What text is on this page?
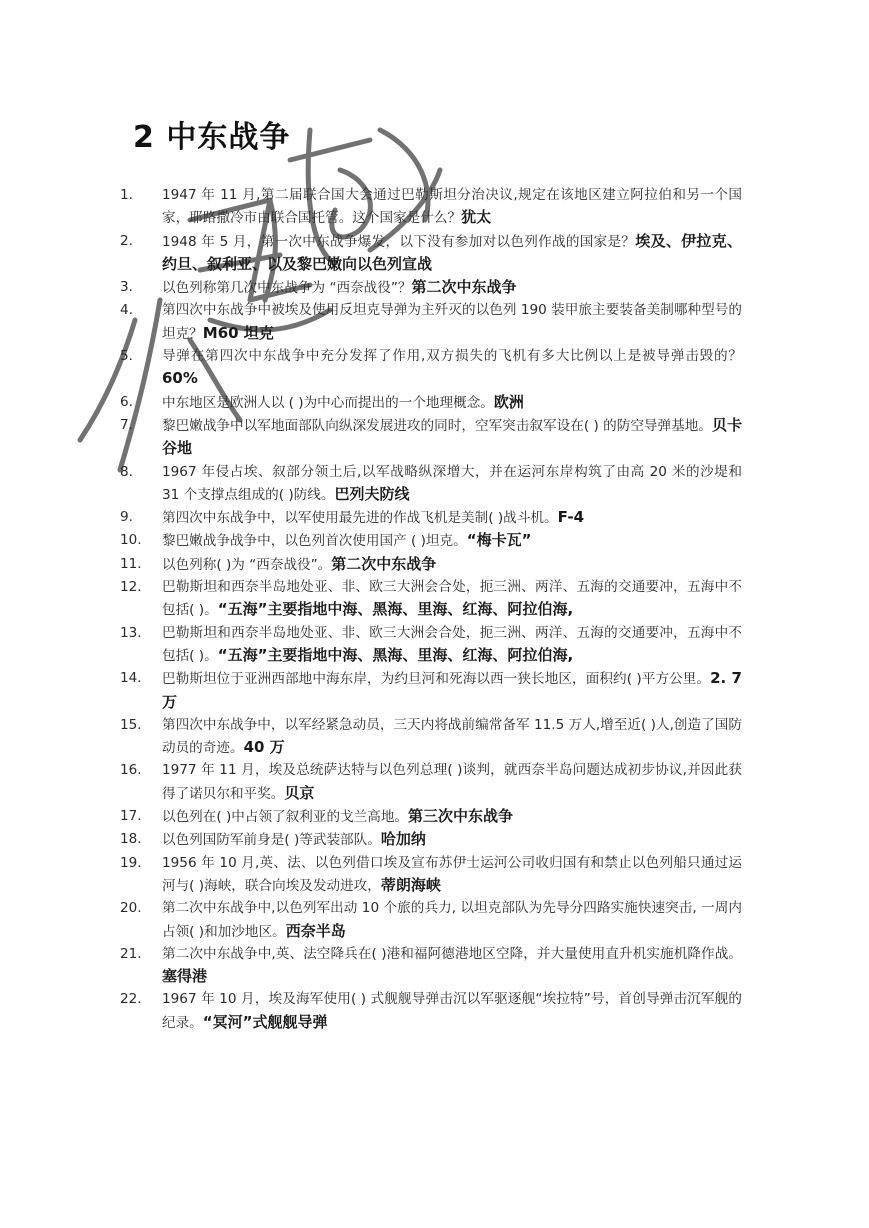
2 中东战争
1.	1947 年 11 月,第二届联合国大会通过巴勒斯坦分治决议,规定在该地区建立阿拉伯和另一个国家，耶路撒冷市由联合国托管。这个国家是什么？犹太
2.	1948 年 5 月，第一次中东战争爆发，以下没有参加对以色列作战的国家是？埃及、伊拉克、约旦、叙利亚、以及黎巴嫩向以色列宣战
3.	以色列称第几次中东战争为 “西奈战役”？第二次中东战争
4.	第四次中东战争中被埃及使用反坦克导弹为主歼灭的以色列 190 装甲旅主要装备美制哪种型号的坦克？M60 坦克
5.	导弹在第四次中东战争中充分发挥了作用,双方损失的飞机有多大比例以上是被导弹击毁的？60%
6.	中东地区是欧洲人以 ( )为中心而提出的一个地理概念。欧洲
7.	黎巴嫩战争中以军地面部队向纵深发展进攻的同时，空军突击叙军设在( ) 的防空导弹基地。贝卡谷地
8.	1967 年侵占埃、叙部分领土后,以军战略纵深增大，并在运河东岸构筑了由高 20 米的沙堤和 31 个支撑点组成的( )防线。巴列夫防线
9.	第四次中东战争中，以军使用最先进的作战飞机是美制( )战斗机。F-4
10.	黎巴嫩战争战争中，以色列首次使用国产 ( )坦克。“梅卡瓦”
11.	以色列称( )为 “西奈战役”。第二次中东战争
12.	巴勒斯坦和西奈半岛地处亚、非、欧三大洲会合处，扼三洲、两洋、五海的交通要冲，五海中不包括( )。“五海”主要指地中海、黑海、里海、红海、阿拉伯海,
13.	巴勒斯坦和西奈半岛地处亚、非、欧三大洲会合处，扼三洲、两洋、五海的交通要冲，五海中不包括( )。“五海”主要指地中海、黑海、里海、红海、阿拉伯海,
14.	巴勒斯坦位于亚洲西部地中海东岸，为约旦河和死海以西一狭长地区，面积约( )平方公里。2. 7 万
15.	第四次中东战争中，以军经紧急动员，三天内将战前编常备军 11.5 万人,增至近( )人,创造了国防动员的奇迹。40 万
16.	1977 年 11 月，埃及总统萨达特与以色列总理( )谈判，就西奈半岛问题达成初步协议,并因此获得了诺贝尔和平奖。贝京
17.	以色列在( )中占领了叙利亚的戈兰高地。第三次中东战争
18.	以色列国防军前身是( )等武装部队。哈加纳
19.	1956 年 10 月,英、法、以色列借口埃及宣布苏伊士运河公司收归国有和禁止以色列船只通过运河与( )海峡，联合向埃及发动进攻，蒂朗海峡
20.	第二次中东战争中,以色列军出动 10 个旅的兵力, 以坦克部队为先导分四路实施快速突击, 一周内占领( )和加沙地区。西奈半岛
21.	第二次中东战争中,英、法空降兵在( )港和福阿德港地区空降，并大量使用直升机实施机降作战。塞得港
22.	1967 年 10 月，埃及海军使用( ) 式舰舰导弹击沉以军驱逐舰“埃拉特”号，首创导弹击沉军舰的纪录。“冥河”式舰舰导弹
